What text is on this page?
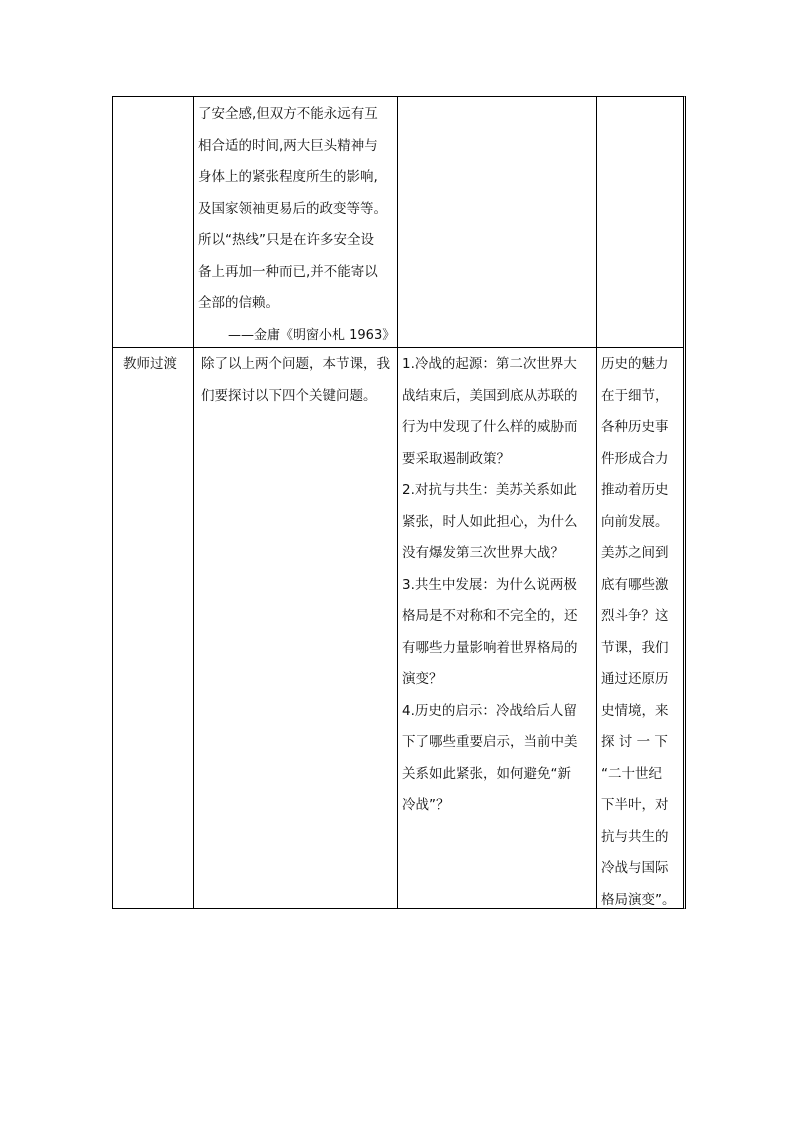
了安全感,但双方不能永远有互
相合适的时间,两大巨头精神与
身体上的紧张程度所生的影响,
及国家领袖更易后的政变等等。
所以“热线”只是在许多安全设
备上再加一种而已,并不能寄以
全部的信赖。

——金庸《明窗小札 1963》

教师过渡	除了以上两个问题，本节课，我
们要探讨以下四个关键问题。
1.冷战的起源：第二次世界大
战结束后，美国到底从苏联的
行为中发现了什么样的威胁而
要采取遏制政策？
2.对抗与共生：美苏关系如此
紧张，时人如此担心，为什么
没有爆发第三次世界大战？
3.共生中发展：为什么说两极
格局是不对称和不完全的，还
有哪些力量影响着世界格局的
演变？
4.历史的启示：冷战给后人留
下了哪些重要启示，当前中美
关系如此紧张，如何避免“新
冷战”？
历史的魅力
在于细节，
各种历史事
件形成合力
推动着历史
向前发展。
美苏之间到
底有哪些激
烈斗争？这
节课，我们
通过还原历
史情境，来
探 讨 一 下
“二十世纪
下半叶，对
抗与共生的
冷战与国际
格局演变”。
